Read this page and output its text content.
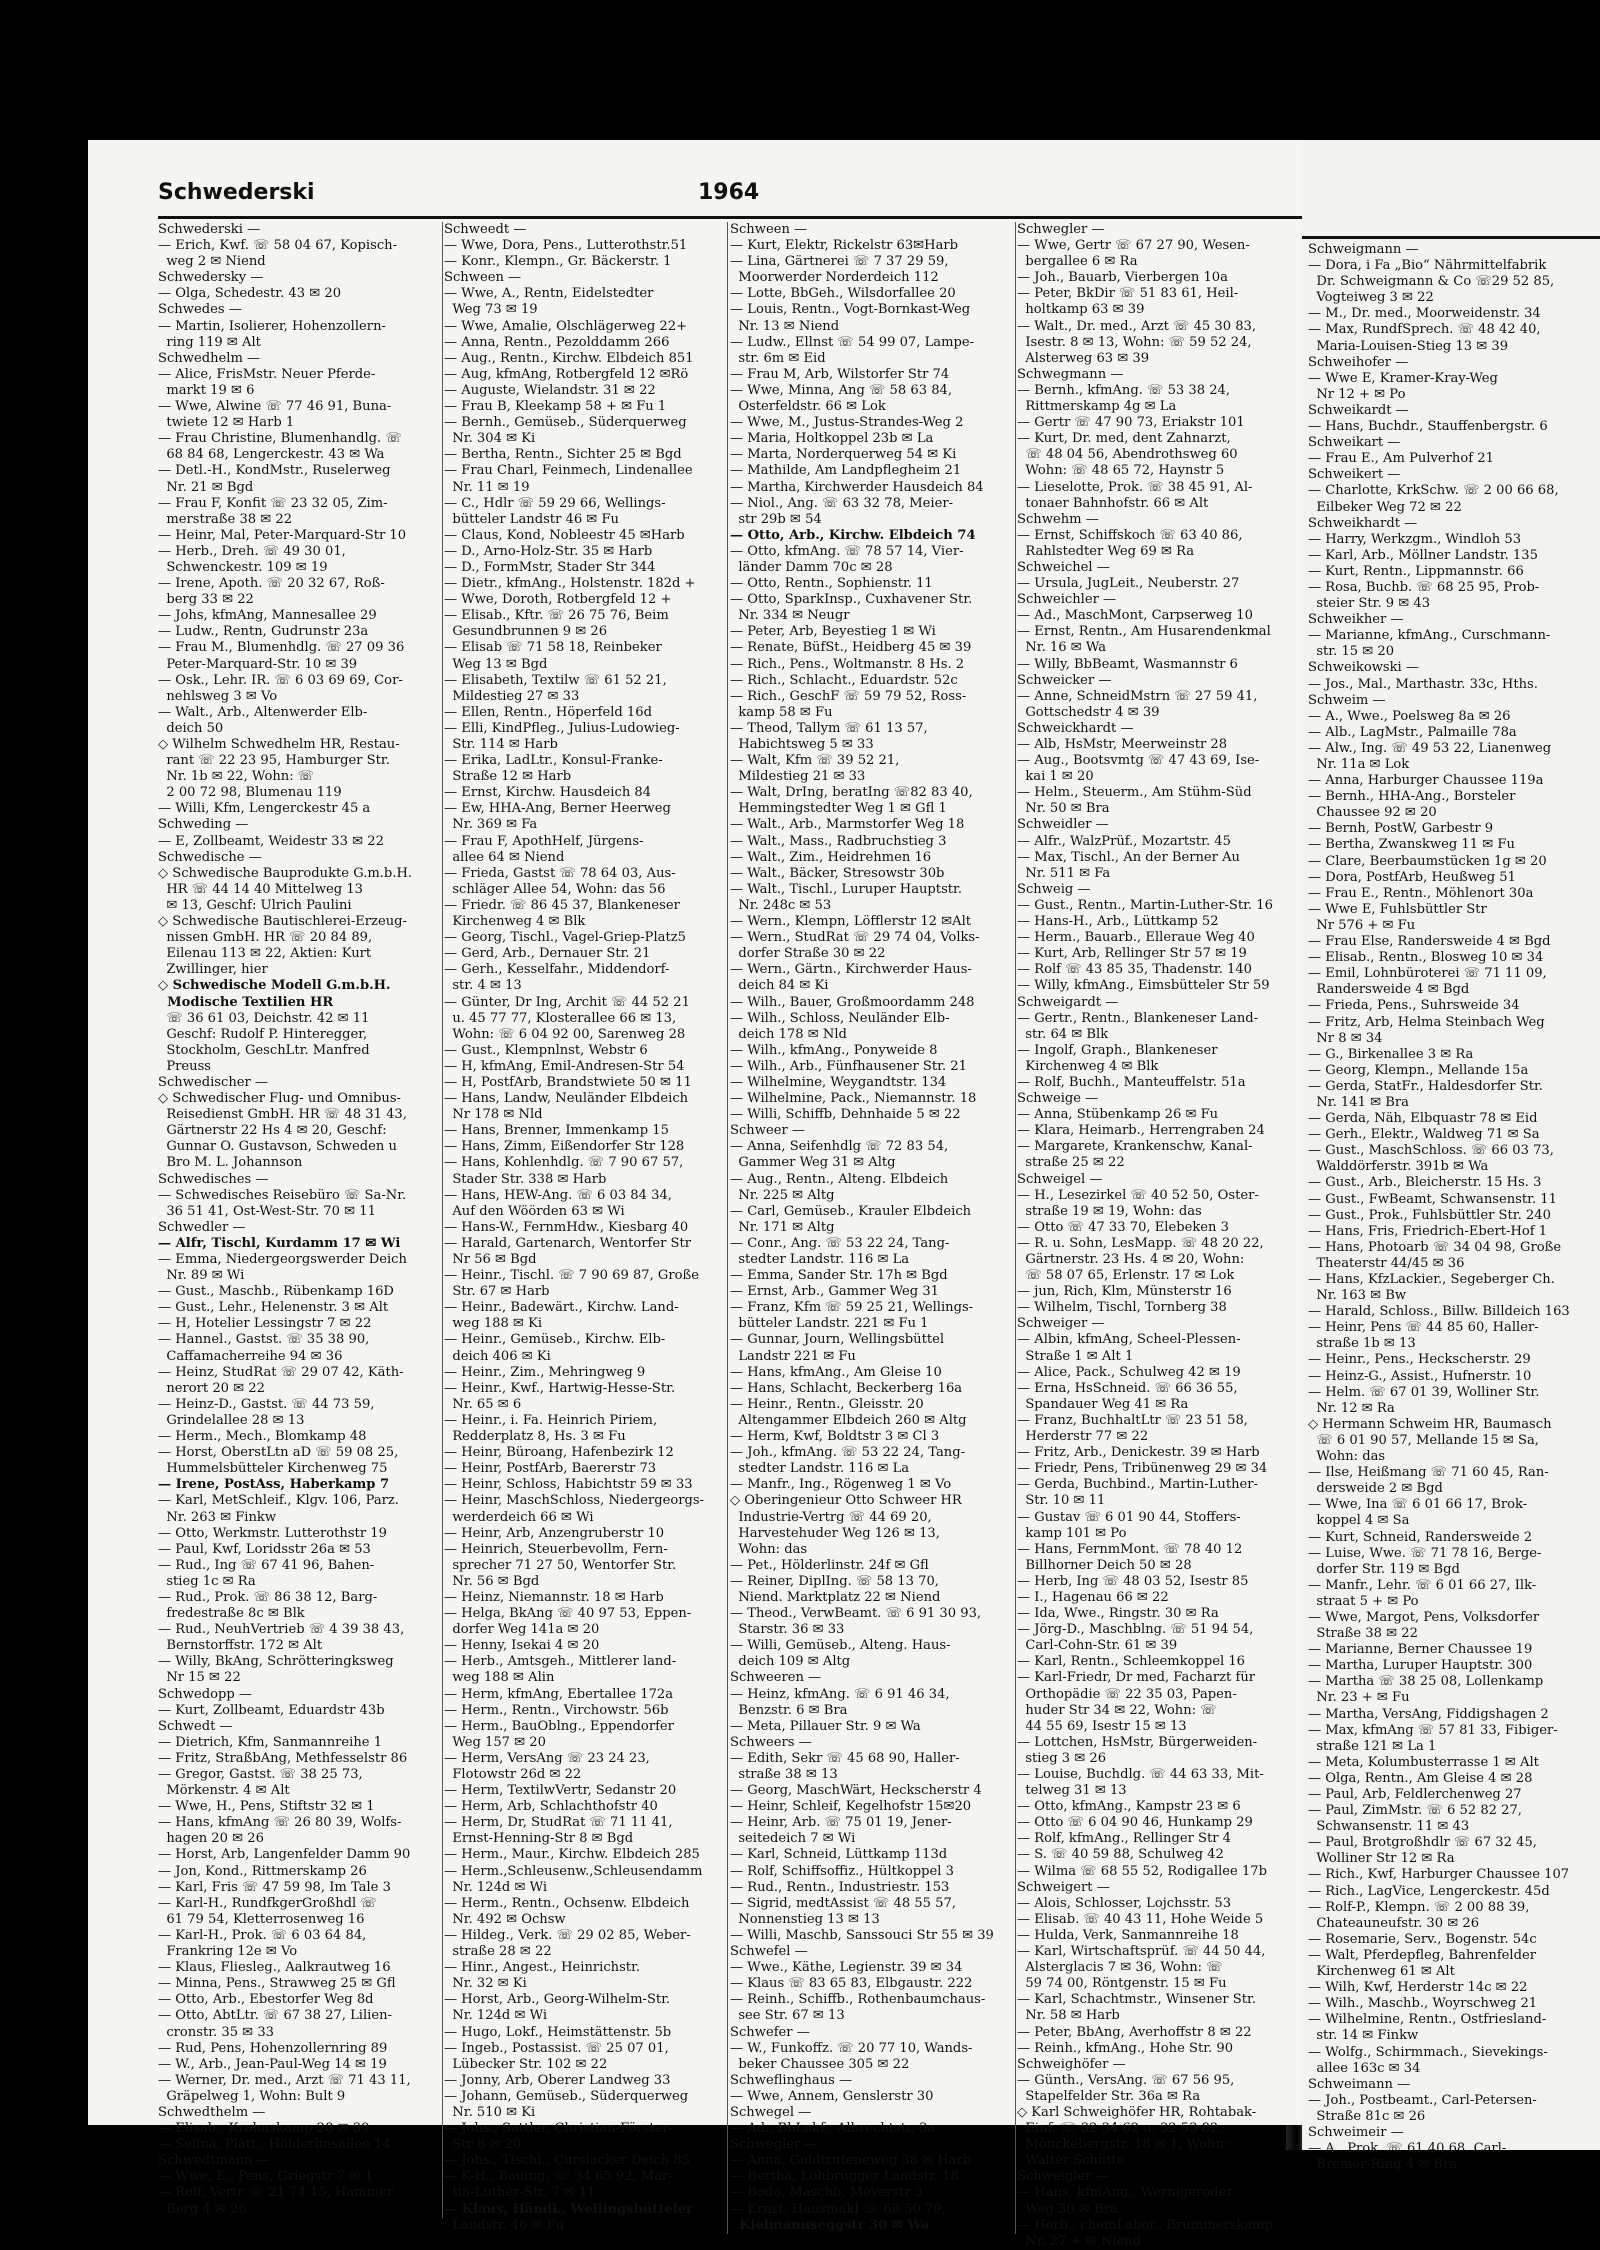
Schwederski	1964
Schwederski —
— Erich, Kwf. ☏ 58 04 67, Kopisch-
weg 2 ✉ Niend
Schwedersky —
— Olga, Schedestr. 43 ✉ 20
Schwedes —
— Martin, Isolierer, Hohenzollern-
ring 119 ✉ Alt
Schwedhelm —
— Alice, FrisMstr. Neuer Pferde-
markt 19 ✉ 6
— Wwe, Alwine ☏ 77 46 91, Buna-
twiete 12 ✉ Harb 1
— Frau Christine, Blumenhandlg. ☏
68 84 68, Lengerckestr. 43 ✉ Wa
— Detl.-H., KondMstr., Ruselerweg
Nr. 21 ✉ Bgd
— Frau F, Konfit ☏ 23 32 05, Zim-
merstraße 38 ✉ 22
— Heinr, Mal, Peter-Marquard-Str 10
— Herb., Dreh. ☏ 49 30 01,
Schwenckestr. 109 ✉ 19
— Irene, Apoth. ☏ 20 32 67, Roß-
berg 33 ✉ 22
— Johs, kfmAng, Mannesallee 29
— Ludw., Rentn, Gudrunstr 23a
— Frau M., Blumenhdlg. ☏ 27 09 36
Peter-Marquard-Str. 10 ✉ 39
— Osk., Lehr. IR. ☏ 6 03 69 69, Cor-
nehlsweg 3 ✉ Vo
— Walt., Arb., Altenwerder Elb-
deich 50
◇ Wilhelm Schwedhelm HR, Restau-
rant ☏ 22 23 95, Hamburger Str.
Nr. 1b ✉ 22, Wohn: ☏
2 00 72 98, Blumenau 119
— Willi, Kfm, Lengerckestr 45 a
Schweding —
— E, Zollbeamt, Weidestr 33 ✉ 22
Schwedische —
◇ Schwedische Bauprodukte G.m.b.H.
HR ☏ 44 14 40 Mittelweg 13
✉ 13, Geschf: Ulrich Paulini
◇ Schwedische Bautischlerei-Erzeug-
nissen GmbH. HR ☏ 20 84 89,
Eilenau 113 ✉ 22, Aktien: Kurt
Zwillinger, hier
◇ Schwedische Modell G.m.b.H.
Modische Textilien HR
☏ 36 61 03, Deichstr. 42 ✉ 11
Geschf: Rudolf P. Hinteregger,
Stockholm, GeschLtr. Manfred
Preuss
Schwedischer —
◇ Schwedischer Flug- und Omnibus-
Reisedienst GmbH. HR ☏ 48 31 43,
Gärtnerstr 22 Hs 4 ✉ 20, Geschf:
Gunnar O. Gustavson, Schweden u
Bro M. L. Johannson
Schwedisches —
— Schwedisches Reisebüro ☏ Sa-Nr.
36 51 41, Ost-West-Str. 70 ✉ 11
Schwedler —
— Alfr, Tischl, Kurdamm 17 ✉ Wi
— Emma, Niedergeorgswerder Deich
Nr. 89 ✉ Wi
— Gust., Maschb., Rübenkamp 16D
— Gust., Lehr., Helenenstr. 3 ✉ Alt
— H, Hotelier Lessingstr 7 ✉ 22
— Hannel., Gastst. ☏ 35 38 90,
Caffamacherreihe 94 ✉ 36
— Heinz, StudRat ☏ 29 07 42, Käth-
nerort 20 ✉ 22
— Heinz-D., Gastst. ☏ 44 73 59,
Grindelallee 28 ✉ 13
— Herm., Mech., Blomkamp 48
— Horst, OberstLtn aD ☏ 59 08 25,
Hummelsbütteler Kirchenweg 75
— Irene, PostAss, Haberkamp 7
— Karl, MetSchleif., Klgv. 106, Parz.
Nr. 263 ✉ Finkw
— Otto, Werkmstr. Lutterothstr 19
— Paul, Kwf, Loridsstr 26a ✉ 53
— Rud., Ing ☏ 67 41 96, Bahen-
stieg 1c ✉ Ra
— Rud., Prok. ☏ 86 38 12, Barg-
fredestraße 8c ✉ Blk
— Rud., NeuhVertrieb ☏ 4 39 38 43,
Bernstorffstr. 172 ✉ Alt
— Willy, BkAng, Schrötteringksweg
Nr 15 ✉ 22
Schwedopp —
— Kurt, Zollbeamt, Eduardstr 43b
Schwedt —
— Dietrich, Kfm, Sanmannreihe 1
— Fritz, StraßbAng, Methfesselstr 86
— Gregor, Gastst. ☏ 38 25 73,
Mörkenstr. 4 ✉ Alt
— Wwe, H., Pens, Stiftstr 32 ✉ 1
— Hans, kfmAng ☏ 26 80 39, Wolfs-
hagen 20 ✉ 26
— Horst, Arb, Langenfelder Damm 90
— Jon, Kond., Rittmerskamp 26
— Karl, Fris ☏ 47 59 98, Im Tale 3
— Karl-H., RundfkgerGroßhdl ☏
61 79 54, Kletterrosenweg 16
— Karl-H., Prok. ☏ 6 03 64 84,
Frankring 12e ✉ Vo
— Klaus, Fliesleg., Aalkrautweg 16
— Minna, Pens., Strawweg 25 ✉ Gfl
— Otto, Arb., Ebestorfer Weg 8d
— Otto, AbtLtr. ☏ 67 38 27, Lilien-
cronstr. 35 ✉ 33
— Rud, Pens, Hohenzollernring 89
— W., Arb., Jean-Paul-Weg 14 ✉ 19
— Werner, Dr. med., Arzt ☏ 71 43 11,
Gräpelweg 1, Wohn: Bult 9
Schwedthelm —
— Elisab., Krohnskamp 28 ✉ 39
— Selina, Plätt., Hölderlinsallee 14
Schwedtmann —
— Wwe, E., Pens, Griegstr 7 ✉ 1
— Rolf, Vertr ☏ 21 74 15, Hammer
Berg 4 ✉ 26
Schweedt —
— Wwe, Dora, Pens., Lutterothstr.51
— Konr., Klempn., Gr. Bäckerstr. 1
Schween —
— Wwe, A., Rentn, Eidelstedter
Weg 73 ✉ 19
— Wwe, Amalie, Olschlägerweg 22+
— Anna, Rentn., Pezolddamm 266
— Aug., Rentn., Kirchw. Elbdeich 851
— Aug, kfmAng, Rotbergfeld 12 ✉Rö
— Auguste, Wielandstr. 31 ✉ 22
— Frau B, Kleekamp 58 + ✉ Fu 1
— Bernh., Gemüseb., Süderquerweg
Nr. 304 ✉ Ki
— Bertha, Rentn., Sichter 25 ✉ Bgd
— Frau Charl, Feinmech, Lindenallee
Nr. 11 ✉ 19
— C., Hdlr ☏ 59 29 66, Wellings-
bütteler Landstr 46 ✉ Fu
— Claus, Kond, Nobleestr 45 ✉Harb
— D., Arno-Holz-Str. 35 ✉ Harb
— D., FormMstr, Stader Str 344
— Dietr., kfmAng., Holstenstr. 182d +
— Wwe, Doroth, Rotbergfeld 12 +
— Elisab., Kftr. ☏ 26 75 76, Beim
Gesundbrunnen 9 ✉ 26
— Elisab ☏ 71 58 18, Reinbeker
Weg 13 ✉ Bgd
— Elisabeth, Textilw ☏ 61 52 21,
Mildestieg 27 ✉ 33
— Ellen, Rentn., Höperfeld 16d
— Elli, KindPfleg., Julius-Ludowieg-
Str. 114 ✉ Harb
— Erika, LadLtr., Konsul-Franke-
Straße 12 ✉ Harb
— Ernst, Kirchw. Hausdeich 84
— Ew, HHA-Ang, Berner Heerweg
Nr. 369 ✉ Fa
— Frau F, ApothHelf, Jürgens-
allee 64 ✉ Niend
— Frieda, Gastst ☏ 78 64 03, Aus-
schläger Allee 54, Wohn: das 56
— Friedr. ☏ 86 45 37, Blankeneser
Kirchenweg 4 ✉ Blk
— Georg, Tischl., Vagel-Griep-Platz5
— Gerd, Arb., Dernauer Str. 21
— Gerh., Kesselfahr., Middendorf-
str. 4 ✉ 13
— Günter, Dr Ing, Archit ☏ 44 52 21
u. 45 77 77, Klosterallee 66 ✉ 13,
Wohn: ☏ 6 04 92 00, Sarenweg 28
— Gust., Klempnlnst, Webstr 6
— H, kfmAng, Emil-Andresen-Str 54
— H, PostfArb, Brandstwiete 50 ✉ 11
— Hans, Landw, Neuländer Elbdeich
Nr 178 ✉ Nld
— Hans, Brenner, Immenkamp 15
— Hans, Zimm, Eißendorfer Str 128
— Hans, Kohlenhdlg. ☏ 7 90 67 57,
Stader Str. 338 ✉ Harb
— Hans, HEW-Ang. ☏ 6 03 84 34,
Auf den Wöörden 63 ✉ Wi
— Hans-W., FernmHdw., Kiesbarg 40
— Harald, Gartenarch, Wentorfer Str
Nr 56 ✉ Bgd
— Heinr., Tischl. ☏ 7 90 69 87, Große
Str. 67 ✉ Harb
— Heinr., Badewärt., Kirchw. Land-
weg 188 ✉ Ki
— Heinr., Gemüseb., Kirchw. Elb-
deich 406 ✉ Ki
— Heinr., Zim., Mehringweg 9
— Heinr., Kwf., Hartwig-Hesse-Str.
Nr. 65 ✉ 6
— Heinr., i. Fa. Heinrich Piriem,
Redderplatz 8, Hs. 3 ✉ Fu
— Heinr, Büroang, Hafenbezirk 12
— Heinr, PostfArb, Baererstr 73
— Heinr, Schloss, Habichtstr 59 ✉ 33
— Heinr, MaschSchloss, Niedergeorgs-
werderdeich 66 ✉ Wi
— Heinr, Arb, Anzengruberstr 10
— Heinrich, Steuerbevollm, Fern-
sprecher 71 27 50, Wentorfer Str.
Nr. 56 ✉ Bgd
— Heinz, Niemannstr. 18 ✉ Harb
— Helga, BkAng ☏ 40 97 53, Eppen-
dorfer Weg 141a ✉ 20
— Henny, Isekai 4 ✉ 20
— Herb., Amtsgeh., Mittlerer land-
weg 188 ✉ Alin
— Herm, kfmAng, Ebertallee 172a
— Herm., Rentn., Virchowstr. 56b
— Herm., BauOblng., Eppendorfer
Weg 157 ✉ 20
— Herm, VersAng ☏ 23 24 23,
Flotowstr 26d ✉ 22
— Herm, TextilwVertr, Sedanstr 20
— Herm, Arb, Schlachthofstr 40
— Herm, Dr, StudRat ☏ 71 11 41,
Ernst-Henning-Str 8 ✉ Bgd
— Herm., Maur., Kirchw. Elbdeich 285
— Herm.,Schleusenw.,Schleusendamm
Nr. 124d ✉ Wi
— Herm., Rentn., Ochsenw. Elbdeich
Nr. 492 ✉ Ochsw
— Hildeg., Verk. ☏ 29 02 85, Weber-
straße 28 ✉ 22
— Hinr., Angest., Heinrichstr.
Nr. 32 ✉ Ki
— Horst, Arb., Georg-Wilhelm-Str.
Nr. 124d ✉ Wi
— Hugo, Lokf., Heimstättenstr. 5b
— Ingeb., Postassist. ☏ 25 07 01,
Lübecker Str. 102 ✉ 22
— Jonny, Arb, Oberer Landweg 33
— Johann, Gemüseb., Süderquerweg
Nr. 510 ✉ Ki
— Johs., Sattler, Christian-Förster-
Str 8 ✉ 20
— Johs., Tischl., Curslacker Deich 85
— K-H., Bauing. ☏ 34 65 92, Mar-
tin-Luther-Str. 7 ✉ 11
— Klaus, Händl., Wellingsbütteler
Landstr. 46 ✉ Fu
Schween —
— Kurt, Elektr, Rickelstr 63✉Harb
— Lina, Gärtnerei ☏ 7 37 29 59,
Moorwerder Norderdeich 112
— Lotte, BbGeh., Wilsdorfallee 20
— Louis, Rentn., Vogt-Bornkast-Weg
Nr. 13 ✉ Niend
— Ludw., Ellnst ☏ 54 99 07, Lampe-
str. 6m ✉ Eid
— Frau M, Arb, Wilstorfer Str 74
— Wwe, Minna, Ang ☏ 58 63 84,
Osterfeldstr. 66 ✉ Lok
— Wwe, M., Justus-Strandes-Weg 2
— Maria, Holtkoppel 23b ✉ La
— Marta, Norderquerweg 54 ✉ Ki
— Mathilde, Am Landpflegheim 21
— Martha, Kirchwerder Hausdeich 84
— Niol., Ang. ☏ 63 32 78, Meier-
str 29b ✉ 54
— Otto, Arb., Kirchw. Elbdeich 74
— Otto, kfmAng. ☏ 78 57 14, Vier-
länder Damm 70c ✉ 28
— Otto, Rentn., Sophienstr. 11
— Otto, SparkInsp., Cuxhavener Str.
Nr. 334 ✉ Neugr
— Peter, Arb, Beyestieg 1 ✉ Wi
— Renate, BüfSt., Heidberg 45 ✉ 39
— Rich., Pens., Woltmanstr. 8 Hs. 2
— Rich., Schlacht., Eduardstr. 52c
— Rich., GeschF ☏ 59 79 52, Ross-
kamp 58 ✉ Fu
— Theod, Tallym ☏ 61 13 57,
Habichtsweg 5 ✉ 33
— Walt, Kfm ☏ 39 52 21,
Mildestieg 21 ✉ 33
— Walt, DrIng, beratIng ☏82 83 40,
Hemmingstedter Weg 1 ✉ Gfl 1
— Walt., Arb., Marmstorfer Weg 18
— Walt., Mass., Radbruchstieg 3
— Walt., Zim., Heidrehmen 16
— Walt., Bäcker, Stresowstr 30b
— Walt., Tischl., Luruper Hauptstr.
Nr. 248c ✉ 53
— Wern., Klempn, Löfflerstr 12 ✉Alt
— Wern., StudRat ☏ 29 74 04, Volks-
dorfer Straße 30 ✉ 22
— Wern., Gärtn., Kirchwerder Haus-
deich 84 ✉ Ki
— Wilh., Bauer, Großmoordamm 248
— Wilh., Schloss, Neuländer Elb-
deich 178 ✉ Nld
— Wilh., kfmAng., Ponyweide 8
— Wilh., Arb., Fünfhausener Str. 21
— Wilhelmine, Weygandtstr. 134
— Wilhelmine, Pack., Niemannstr. 18
— Willi, Schiffb, Dehnhaide 5 ✉ 22
Schweer —
— Anna, Seifenhdlg ☏ 72 83 54,
Gammer Weg 31 ✉ Altg
— Aug., Rentn., Alteng. Elbdeich
Nr. 225 ✉ Altg
— Carl, Gemüseb., Krauler Elbdeich
Nr. 171 ✉ Altg
— Conr., Ang. ☏ 53 22 24, Tang-
stedter Landstr. 116 ✉ La
— Emma, Sander Str. 17h ✉ Bgd
— Ernst, Arb., Gammer Weg 31
— Franz, Kfm ☏ 59 25 21, Wellings-
bütteler Landstr. 221 ✉ Fu 1
— Gunnar, Journ, Wellingsbüttel
Landstr 221 ✉ Fu
— Hans, kfmAng., Am Gleise 10
— Hans, Schlacht, Beckerberg 16a
— Heinr., Rentn., Gleisstr. 20
Altengammer Elbdeich 260 ✉ Altg
— Herm, Kwf, Boldtstr 3 ✉ Cl 3
— Joh., kfmAng. ☏ 53 22 24, Tang-
stedter Landstr. 116 ✉ La
— Manfr., Ing., Rögenweg 1 ✉ Vo
◇ Oberingenieur Otto Schweer HR
Industrie-Vertrg ☏ 44 69 20,
Harvestehuder Weg 126 ✉ 13,
Wohn: das
— Pet., Hölderlinstr. 24f ✉ Gfl
— Reiner, DiplIng. ☏ 58 13 70,
Niend. Marktplatz 22 ✉ Niend
— Theod., VerwBeamt. ☏ 6 91 30 93,
Starstr. 36 ✉ 33
— Willi, Gemüseb., Alteng. Haus-
deich 109 ✉ Altg
Schweeren —
— Heinz, kfmAng. ☏ 6 91 46 34,
Benzstr. 6 ✉ Bra
— Meta, Pillauer Str. 9 ✉ Wa
Schweers —
— Edith, Sekr ☏ 45 68 90, Haller-
straße 38 ✉ 13
— Georg, MaschWärt, Heckscherstr 4
— Heinr, Schleif, Kegelhofstr 15✉20
— Heinr, Arb. ☏ 75 01 19, Jener-
seitedeich 7 ✉ Wi
— Karl, Schneid, Lüttkamp 113d
— Rolf, Schiffsoffiz., Hültkoppel 3
— Rud., Rentn., Industriestr. 153
— Sigrid, medtAssist ☏ 48 55 57,
Nonnenstieg 13 ✉ 13
— Willi, Maschb, Sanssouci Str 55 ✉ 39
Schwefel —
— Wwe., Käthe, Legienstr. 39 ✉ 34
— Klaus ☏ 83 65 83, Elbgaustr. 222
— Reinh., Schiffb., Rothenbaumchaus-
see Str. 67 ✉ 13
Schwefer —
— W., Funkoffz. ☏ 20 77 10, Wands-
beker Chaussee 305 ✉ 22
Schweflinghaus —
— Wwe, Annem, Genslerstr 30
Schwegel —
— Ad., BbLokf., Albrechtstr. 3a
Schwegler —
— Anna, Goldtruteneweg 38 ✉ Harb
— Bertha, Lohbrügger Landstr. 18
— Bodo, Maschb, Meyerstr 3
— Ernst, Hausmakl ☏ 68 50 79,
Kielmannseggstr 30 ✉ Wa
Schwegler —
— Wwe, Gertr ☏ 67 27 90, Wesen-
bergallee 6 ✉ Ra
— Joh., Bauarb, Vierbergen 10a
— Peter, BkDir ☏ 51 83 61, Heil-
holtkamp 63 ✉ 39
— Walt., Dr. med., Arzt ☏ 45 30 83,
Isestr. 8 ✉ 13, Wohn: ☏ 59 52 24,
Alsterweg 63 ✉ 39
Schwegmann —
— Bernh., kfmAng. ☏ 53 38 24,
Rittmerskamp 4g ✉ La
— Gertr ☏ 47 90 73, Eriakstr 101
— Kurt, Dr. med, dent Zahnarzt,
☏ 48 04 56, Abendrothsweg 60
Wohn: ☏ 48 65 72, Haynstr 5
— Lieselotte, Prok. ☏ 38 45 91, Al-
tonaer Bahnhofstr. 66 ✉ Alt
Schwehm —
— Ernst, Schiffskoch ☏ 63 40 86,
Rahlstedter Weg 69 ✉ Ra
Schweichel —
— Ursula, JugLeit., Neuberstr. 27
Schweichler —
— Ad., MaschMont, Carpserweg 10
— Ernst, Rentn., Am Husarendenkmal
Nr. 16 ✉ Wa
— Willy, BbBeamt, Wasmannstr 6
Schweicker —
— Anne, SchneidMstrn ☏ 27 59 41,
Gottschedstr 4 ✉ 39
Schweickhardt —
— Alb, HsMstr, Meerweinstr 28
— Aug., Bootsvmtg ☏ 47 43 69, Ise-
kai 1 ✉ 20
— Helm., Steuerm., Am Stühm-Süd
Nr. 50 ✉ Bra
Schweidler —
— Alfr., WalzPrüf., Mozartstr. 45
— Max, Tischl., An der Berner Au
Nr. 511 ✉ Fa
Schweig —
— Gust., Rentn., Martin-Luther-Str. 16
— Hans-H., Arb., Lüttkamp 52
— Herm., Bauarb., Elleraue Weg 40
— Kurt, Arb, Rellinger Str 57 ✉ 19
— Rolf ☏ 43 85 35, Thadenstr. 140
— Willy, kfmAng., Eimsbütteler Str 59
Schweigardt —
— Gertr., Rentn., Blankeneser Land-
str. 64 ✉ Blk
— Ingolf, Graph., Blankeneser
Kirchenweg 4 ✉ Blk
— Rolf, Buchh., Manteuffelstr. 51a
Schweige —
— Anna, Stübenkamp 26 ✉ Fu
— Klara, Heimarb., Herrengraben 24
— Margarete, Krankenschw, Kanal-
straße 25 ✉ 22
Schweigel —
— H., Lesezirkel ☏ 40 52 50, Oster-
straße 19 ✉ 19, Wohn: das
— Otto ☏ 47 33 70, Elebeken 3
— R. u. Sohn, LesMapp. ☏ 48 20 22,
Gärtnerstr. 23 Hs. 4 ✉ 20, Wohn:
☏ 58 07 65, Erlenstr. 17 ✉ Lok
— jun, Rich, Klm, Münsterstr 16
— Wilhelm, Tischl, Tornberg 38
Schweiger —
— Albin, kfmAng, Scheel-Plessen-
Straße 1 ✉ Alt 1
— Alice, Pack., Schulweg 42 ✉ 19
— Erna, HsSchneid. ☏ 66 36 55,
Spandauer Weg 41 ✉ Ra
— Franz, BuchhaltLtr ☏ 23 51 58,
Herderstr 77 ✉ 22
— Fritz, Arb., Denickestr. 39 ✉ Harb
— Friedr, Pens, Tribünenweg 29 ✉ 34
— Gerda, Buchbind., Martin-Luther-
Str. 10 ✉ 11
— Gustav ☏ 6 01 90 44, Stoffers-
kamp 101 ✉ Po
— Hans, FernmMont. ☏ 78 40 12
Billhorner Deich 50 ✉ 28
— Herb, Ing ☏ 48 03 52, Isestr 85
— I., Hagenau 66 ✉ 22
— Ida, Wwe., Ringstr. 30 ✉ Ra
— Jörg-D., Maschblng. ☏ 51 94 54,
Carl-Cohn-Str. 61 ✉ 39
— Karl, Rentn., Schleemkoppel 16
— Karl-Friedr, Dr med, Facharzt für
Orthopädie ☏ 22 35 03, Papen-
huder Str 34 ✉ 22, Wohn: ☏
44 55 69, Isestr 15 ✉ 13
— Lottchen, HsMstr, Bürgerweiden-
stieg 3 ✉ 26
— Louise, Buchdlg. ☏ 44 63 33, Mit-
telweg 31 ✉ 13
— Otto, kfmAng., Kampstr 23 ✉ 6
— Otto ☏ 6 04 90 46, Hunkamp 29
— Rolf, kfmAng., Rellinger Str 4
— S. ☏ 40 59 88, Schulweg 42
— Wilma ☏ 68 55 52, Rodigallee 17b
Schweigert —
— Alois, Schlosser, Lojchsstr. 53
— Elisab. ☏ 40 43 11, Hohe Weide 5
— Hulda, Verk, Sanmannreihe 18
— Karl, Wirtschaftsprüf. ☏ 44 50 44,
Alsterglacis 7 ✉ 36, Wohn: ☏
59 74 00, Röntgenstr. 15 ✉ Fu
— Karl, Schachtmstr., Winsener Str.
Nr. 58 ✉ Harb
— Peter, BbAng, Averhoffstr 8 ✉ 22
— Reinh., kfmAng., Hohe Str. 90
Schweighöfer —
— Günth., VersAng. ☏ 67 56 95,
Stapelfelder Str. 36a ✉ Ra
◇ Karl Schweighöfer HR, Rohtabak-
Einf. ☏ 32 34 62 u. 32 53 82,
Mönckebergstr. 18 ✉ 1, Wohn:
Walter Schütte
Schweigler —
— Hans, kfmAng., Wernigeroder
Weg 30 ✉ Bra
— Herb., chemLabor., Brummerskamp
Nr. 27 + ✉ Niend
Schweigmann —
— Dora, i Fa „Bio“ Nährmittelfabrik
Dr. Schweigmann & Co ☏29 52 85,
Vogteiweg 3 ✉ 22
— M., Dr. med., Moorweidenstr. 34
— Max, RundfSprech. ☏ 48 42 40,
Maria-Louisen-Stieg 13 ✉ 39
Schweihofer —
— Wwe E, Kramer-Kray-Weg
Nr 12 + ✉ Po
Schweikardt —
— Hans, Buchdr., Stauffenbergstr. 6
Schweikart —
— Frau E., Am Pulverhof 21
Schweikert —
— Charlotte, KrkSchw. ☏ 2 00 66 68,
Eilbeker Weg 72 ✉ 22
Schweikhardt —
— Harry, Werkzgm., Windloh 53
— Karl, Arb., Möllner Landstr. 135
— Kurt, Rentn., Lippmannstr. 66
— Rosa, Buchb. ☏ 68 25 95, Prob-
steier Str. 9 ✉ 43
Schweikher —
— Marianne, kfmAng., Curschmann-
str. 15 ✉ 20
Schweikowski —
— Jos., Mal., Marthastr. 33c, Hths.
Schweim —
— A., Wwe., Poelsweg 8a ✉ 26
— Alb., LagMstr., Palmaille 78a
— Alw., Ing. ☏ 49 53 22, Lianenweg
Nr. 11a ✉ Lok
— Anna, Harburger Chaussee 119a
— Bernh., HHA-Ang., Borsteler
Chaussee 92 ✉ 20
— Bernh, PostW, Garbestr 9
— Bertha, Zwanskweg 11 ✉ Fu
— Clare, Beerbaumstücken 1g ✉ 20
— Dora, PostfArb, Heußweg 51
— Frau E., Rentn., Möhlenort 30a
— Wwe E, Fuhlsbüttler Str
Nr 576 + ✉ Fu
— Frau Else, Randersweide 4 ✉ Bgd
— Elisab., Rentn., Blosweg 10 ✉ 34
— Emil, Lohnbüroterei ☏ 71 11 09,
Randersweide 4 ✉ Bgd
— Frieda, Pens., Suhrsweide 34
— Fritz, Arb, Helma Steinbach Weg
Nr 8 ✉ 34
— G., Birkenallee 3 ✉ Ra
— Georg, Klempn., Mellande 15a
— Gerda, StatFr., Haldesdorfer Str.
Nr. 141 ✉ Bra
— Gerda, Näh, Elbquastr 78 ✉ Eid
— Gerh., Elektr., Waldweg 71 ✉ Sa
— Gust., MaschSchloss. ☏ 66 03 73,
Walddörferstr. 391b ✉ Wa
— Gust., Arb., Bleicherstr. 15 Hs. 3
— Gust., FwBeamt, Schwansenstr. 11
— Gust., Prok., Fuhlsbüttler Str. 240
— Hans, Fris, Friedrich-Ebert-Hof 1
— Hans, Photoarb ☏ 34 04 98, Große
Theaterstr 44/45 ✉ 36
— Hans, KfzLackier., Segeberger Ch.
Nr. 163 ✉ Bw
— Harald, Schloss., Billw. Billdeich 163
— Heinr, Pens ☏ 44 85 60, Haller-
straße 1b ✉ 13
— Heinr., Pens., Heckscherstr. 29
— Heinz-G., Assist., Hufnerstr. 10
— Helm. ☏ 67 01 39, Wolliner Str.
Nr. 12 ✉ Ra
◇ Hermann Schweim HR, Baumasch
☏ 6 01 90 57, Mellande 15 ✉ Sa,
Wohn: das
— Ilse, Heißmang ☏ 71 60 45, Ran-
dersweide 2 ✉ Bgd
— Wwe, Ina ☏ 6 01 66 17, Brok-
koppel 4 ✉ Sa
— Kurt, Schneid, Randersweide 2
— Luise, Wwe. ☏ 71 78 16, Berge-
dorfer Str. 119 ✉ Bgd
— Manfr., Lehr. ☏ 6 01 66 27, Ilk-
straat 5 + ✉ Po
— Wwe, Margot, Pens, Volksdorfer
Straße 38 ✉ 22
— Marianne, Berner Chaussee 19
— Martha, Luruper Hauptstr. 300
— Martha ☏ 38 25 08, Lollenkamp
Nr. 23 + ✉ Fu
— Martha, VersAng, Fiddigshagen 2
— Max, kfmAng ☏ 57 81 33, Fibiger-
straße 121 ✉ La 1
— Meta, Kolumbusterrasse 1 ✉ Alt
— Olga, Rentn., Am Gleise 4 ✉ 28
— Paul, Arb, Feldlerchenweg 27
— Paul, ZimMstr. ☏ 6 52 82 27,
Schwansenstr. 11 ✉ 43
— Paul, Brotgroßhdlr ☏ 67 32 45,
Wolliner Str 12 ✉ Ra
— Rich., Kwf, Harburger Chaussee 107
— Rich., LagVice, Lengerckestr. 45d
— Rolf-P., Klempn. ☏ 2 00 88 39,
Chateauneufstr. 30 ✉ 26
— Rosemarie, Serv., Bogenstr. 54c
— Walt, Pferdepfleg, Bahrenfelder
Kirchenweg 61 ✉ Alt
— Wilh, Kwf, Herderstr 14c ✉ 22
— Wilh., Maschb., Woyrschweg 21
— Wilhelmine, Rentn., Ostfriesland-
str. 14 ✉ Finkw
— Wolfg., Schirmmach., Sievekings-
allee 163c ✉ 34
Schweimann —
— Joh., Postbeamt., Carl-Petersen-
Straße 81c ✉ 26
Schweimeir —
— A., Prok. ☏ 61 40 68, Carl-
Bremer-Ring 4 ✉ Bra
